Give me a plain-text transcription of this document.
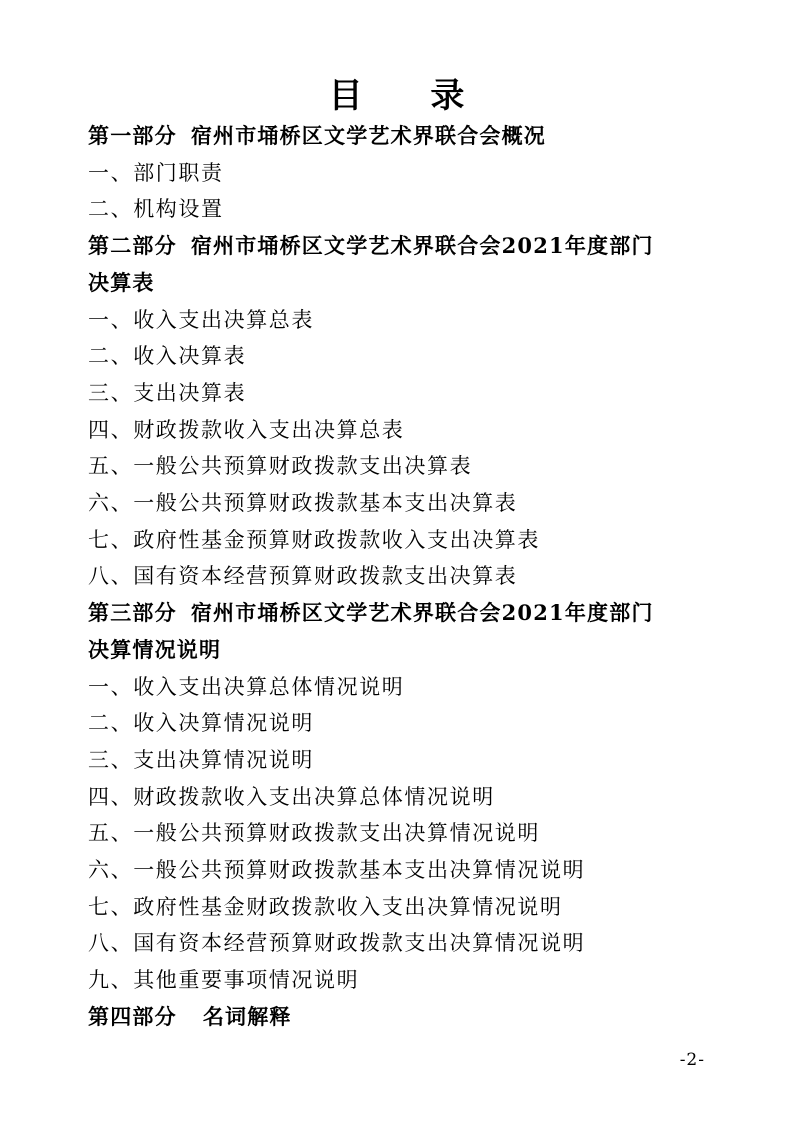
目 录
第一部分 宿州市埇桥区文学艺术界联合会概况
一、部门职责
二、机构设置
第二部分 宿州市埇桥区文学艺术界联合会2021年度部门
决算表
一、收入支出决算总表
二、收入决算表
三、支出决算表
四、财政拨款收入支出决算总表
五、一般公共预算财政拨款支出决算表
六、一般公共预算财政拨款基本支出决算表
七、政府性基金预算财政拨款收入支出决算表
八、国有资本经营预算财政拨款支出决算表
第三部分 宿州市埇桥区文学艺术界联合会2021年度部门
决算情况说明
一、收入支出决算总体情况说明
二、收入决算情况说明
三、支出决算情况说明
四、财政拨款收入支出决算总体情况说明
五、一般公共预算财政拨款支出决算情况说明
六、一般公共预算财政拨款基本支出决算情况说明
七、政府性基金财政拨款收入支出决算情况说明
八、国有资本经营预算财政拨款支出决算情况说明
九、其他重要事项情况说明
第四部分 名词解释
-2-
